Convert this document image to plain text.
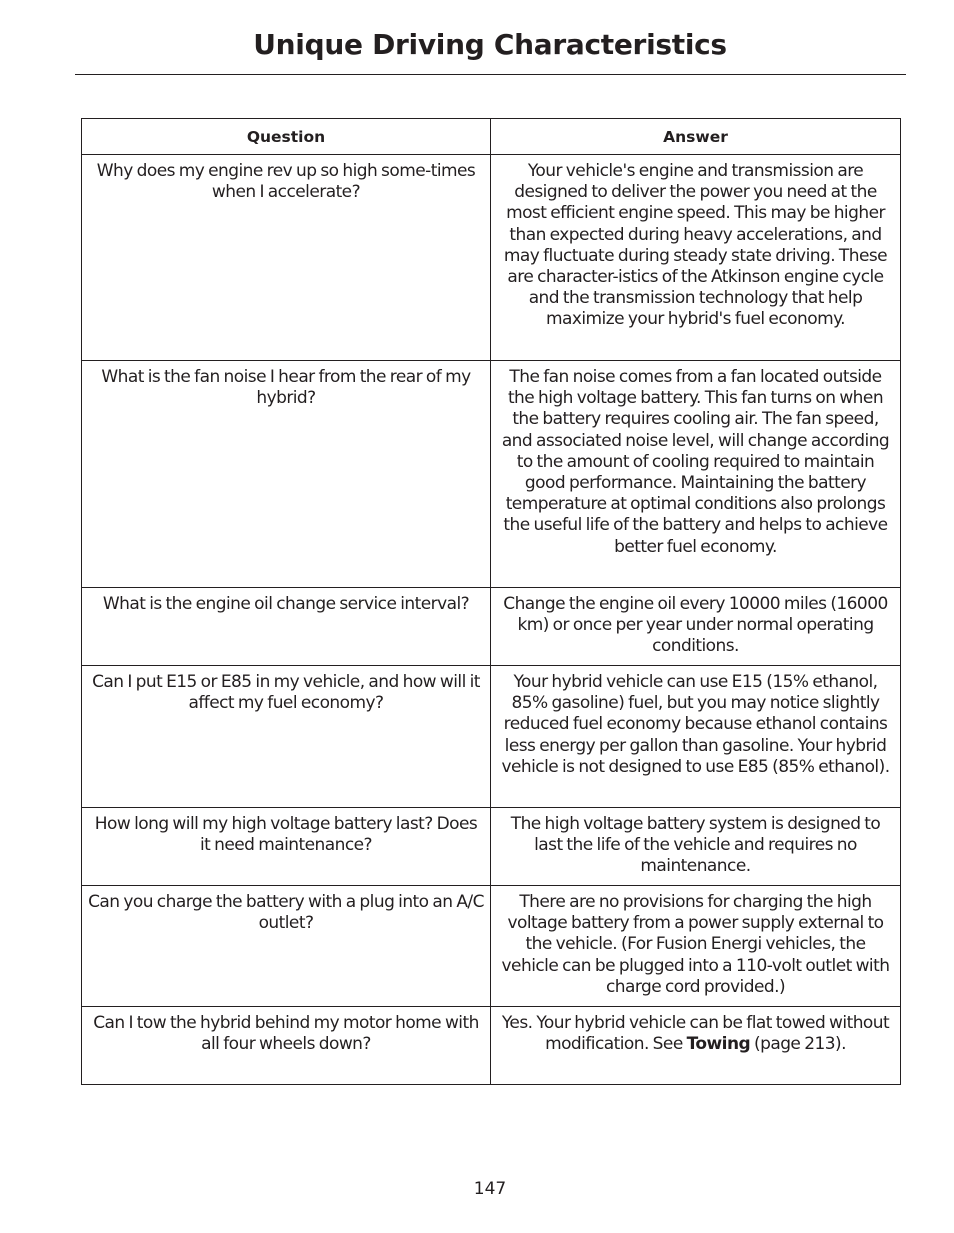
Unique Driving Characteristics
Question	Answer
Why does my engine rev up so high some-times when I accelerate?	Your vehicle's engine and transmission are designed to deliver the power you need at the most efficient engine speed. This may be higher than expected during heavy accelerations, and may fluctuate during steady state driving. These are character-istics of the Atkinson engine cycle and the transmission technology that help maximize your hybrid's fuel economy.
What is the fan noise I hear from the rear of my hybrid?	The fan noise comes from a fan located outside the high voltage battery. This fan turns on when the battery requires cooling air. The fan speed, and associated noise level, will change according to the amount of cooling required to maintain good performance. Maintaining the battery temperature at optimal conditions also prolongs the useful life of the battery and helps to achieve better fuel economy.
What is the engine oil change service interval?	Change the engine oil every 10000 miles (16000 km) or once per year under normal operating conditions.
Can I put E15 or E85 in my vehicle, and how will it affect my fuel economy?	Your hybrid vehicle can use E15 (15% ethanol, 85% gasoline) fuel, but you may notice slightly reduced fuel economy because ethanol contains less energy per gallon than gasoline. Your hybrid vehicle is not designed to use E85 (85% ethanol).
How long will my high voltage battery last? Does it need maintenance?	The high voltage battery system is designed to last the life of the vehicle and requires no maintenance.
Can you charge the battery with a plug into an A/C outlet?	There are no provisions for charging the high voltage battery from a power supply external to the vehicle. (For Fusion Energi vehicles, the vehicle can be plugged into a 110-volt outlet with charge cord provided.)
Can I tow the hybrid behind my motor home with all four wheels down?	Yes. Your hybrid vehicle can be flat towed without modification. See Towing (page 213).
147
